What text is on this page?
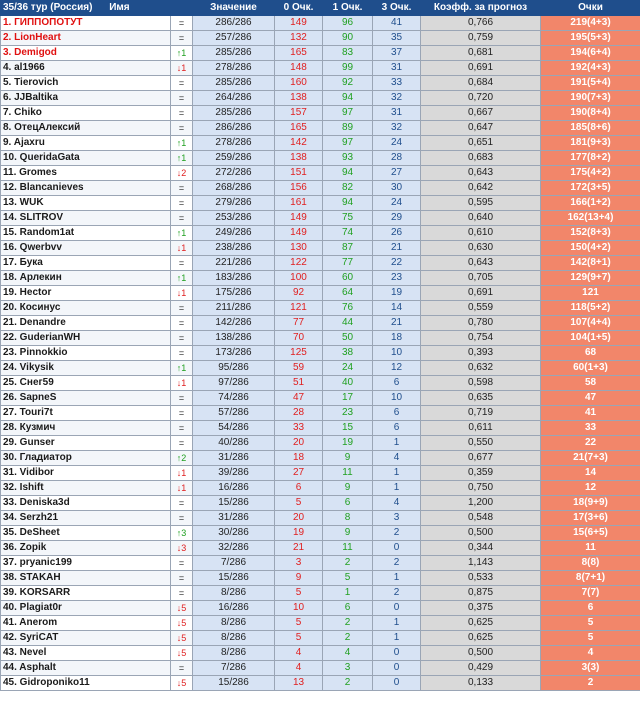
35/36 тур (Россия) Имя		Значение	0 Очк.	1 Очк.	3 Очк.	Коэфф. за прогноз	Очки
1. ГИППОПОТУТ	=	286/286	149	96	41	0,766	219(4+3)
2. LionHeart	=	257/286	132	90	35	0,759	195(5+3)
3. Demigod	↑1	285/286	165	83	37	0,681	194(6+4)
4. al1966	↓1	278/286	148	99	31	0,691	192(4+3)
5. Tierovich	=	285/286	160	92	33	0,684	191(5+4)
6. JJBaltika	=	264/286	138	94	32	0,720	190(7+3)
7. Chiko	=	285/286	157	97	31	0,667	190(8+4)
8. ОтецАлексий	=	286/286	165	89	32	0,647	185(8+6)
9. Ajaxru	↑1	278/286	142	97	24	0,651	181(9+3)
10. QueridaGata	↑1	259/286	138	93	28	0,683	177(8+2)
11. Gromes	↓2	272/286	151	94	27	0,643	175(4+2)
12. Blancanieves	=	268/286	156	82	30	0,642	172(3+5)
13. WUK	=	279/286	161	94	24	0,595	166(1+2)
14. SLITROV	=	253/286	149	75	29	0,640	162(13+4)
15. Random1at	↑1	249/286	149	74	26	0,610	152(8+3)
16. Qwerbvv	↓1	238/286	130	87	21	0,630	150(4+2)
17. Бука	=	221/286	122	77	22	0,643	142(8+1)
18. Арлекин	↑1	183/286	100	60	23	0,705	129(9+7)
19. Hector	↓1	175/286	92	64	19	0,691	121
20. Косинус	=	211/286	121	76	14	0,559	118(5+2)
21. Denandre	=	142/286	77	44	21	0,780	107(4+4)
22. GuderianWH	=	138/286	70	50	18	0,754	104(1+5)
23. Pinnokkio	=	173/286	125	38	10	0,393	68
24. Vikysik	↑1	95/286	59	24	12	0,632	60(1+3)
25. Снег59	↓1	97/286	51	40	6	0,598	58
26. SapneS	=	74/286	47	17	10	0,635	47
27. Touri7t	=	57/286	28	23	6	0,719	41
28. Кузмич	=	54/286	33	15	6	0,611	33
29. Gunser	=	40/286	20	19	1	0,550	22
30. Гладиатор	↑2	31/286	18	9	4	0,677	21(7+3)
31. Vidibor	↓1	39/286	27	11	1	0,359	14
32. Ishift	↓1	16/286	6	9	1	0,750	12
33. Deniska3d	=	15/286	5	6	4	1,200	18(9+9)
34. Serzh21	=	31/286	20	8	3	0,548	17(3+6)
35. DeSheet	↑3	30/286	19	9	2	0,500	15(6+5)
36. Zopik	↓3	32/286	21	11	0	0,344	11
37. pryanic199	=	7/286	3	2	2	1,143	8(8)
38. STAKAH	=	15/286	9	5	1	0,533	8(7+1)
39. KORSARR	=	8/286	5	1	2	0,875	7(7)
40. Plagiat0r	↓5	16/286	10	6	0	0,375	6
41. Anerom	↓5	8/286	5	2	1	0,625	5
42. SyriCAT	↓5	8/286	5	2	1	0,625	5
43. Nevel	↓5	8/286	4	4	0	0,500	4
44. Asphalt	=	7/286	4	3	0	0,429	3(3)
45. Gidroponiko11	↓5	15/286	13	2	0	0,133	2
